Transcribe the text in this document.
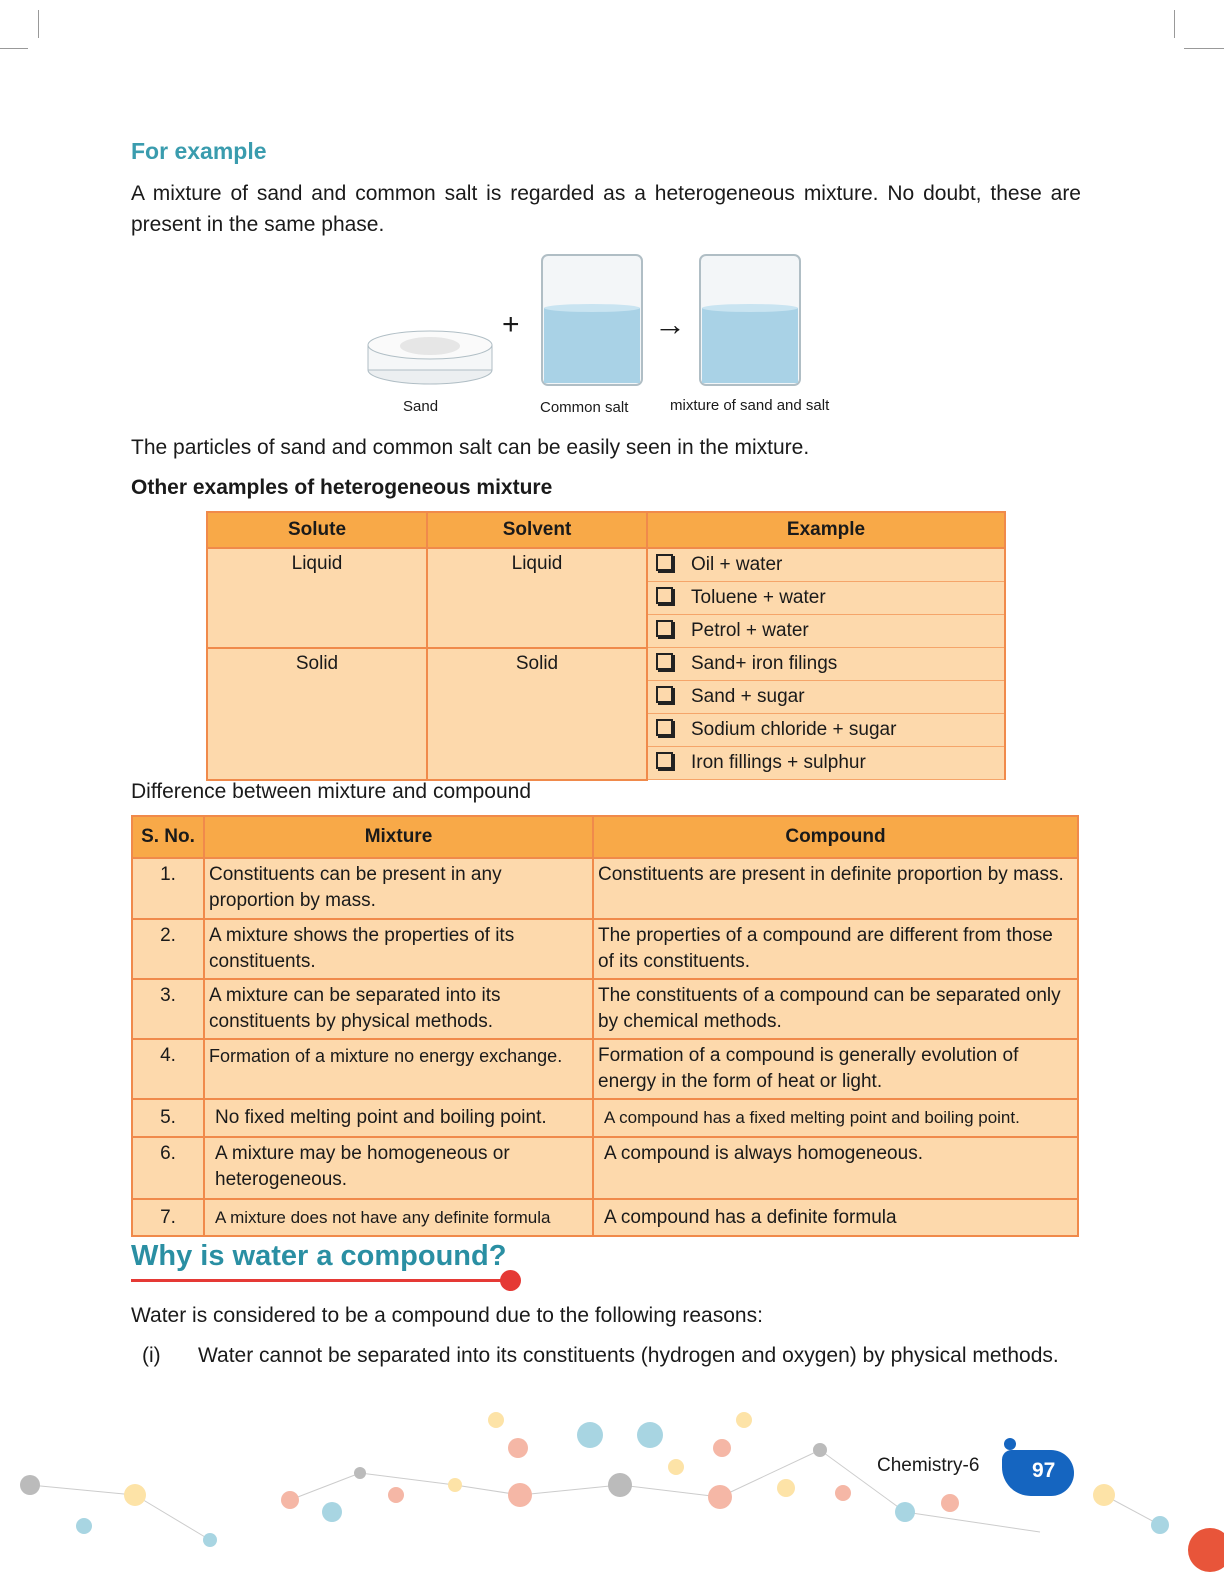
For example
A mixture of sand and common salt is regarded as a heterogeneous mixture. No doubt, these are present in the same phase.
+	→
Sand	Common salt	mixture of sand and salt
The particles of sand and common salt can be easily seen in the mixture.
Other examples of heterogeneous mixture
Solute	Solvent	Example
Liquid	Liquid	Oil + water
		Toluene + water
		Petrol + water
Solid	Solid	Sand+ iron filings
		Sand + sugar
		Sodium chloride + sugar
		Iron fillings + sulphur
Difference between mixture and compound
S. No.	Mixture	Compound
1.	Constituents can be present in any proportion by mass.	Constituents are present in definite proportion by mass.
2.	A mixture shows the properties of its constituents.	The properties of a compound are different from those of its constituents.
3.	A mixture can be separated into its constituents by physical methods.	The constituents of a compound can be separated only by chemical methods.
4.	Formation of a mixture no energy exchange.	Formation of a compound is generally evolution of energy in the form of heat or light.
5.	No fixed melting point and boiling point.	A compound has a fixed melting point and boiling point.
6.	A mixture may be homogeneous or heterogeneous.	A compound is always homogeneous.
7.	A mixture does not have any definite formula	A compound has a definite formula
Why is water a compound?
Water is considered to be a compound due to the following reasons:
(i) Water cannot be separated into its constituents (hydrogen and oxygen) by physical methods.
Chemistry-6	97
